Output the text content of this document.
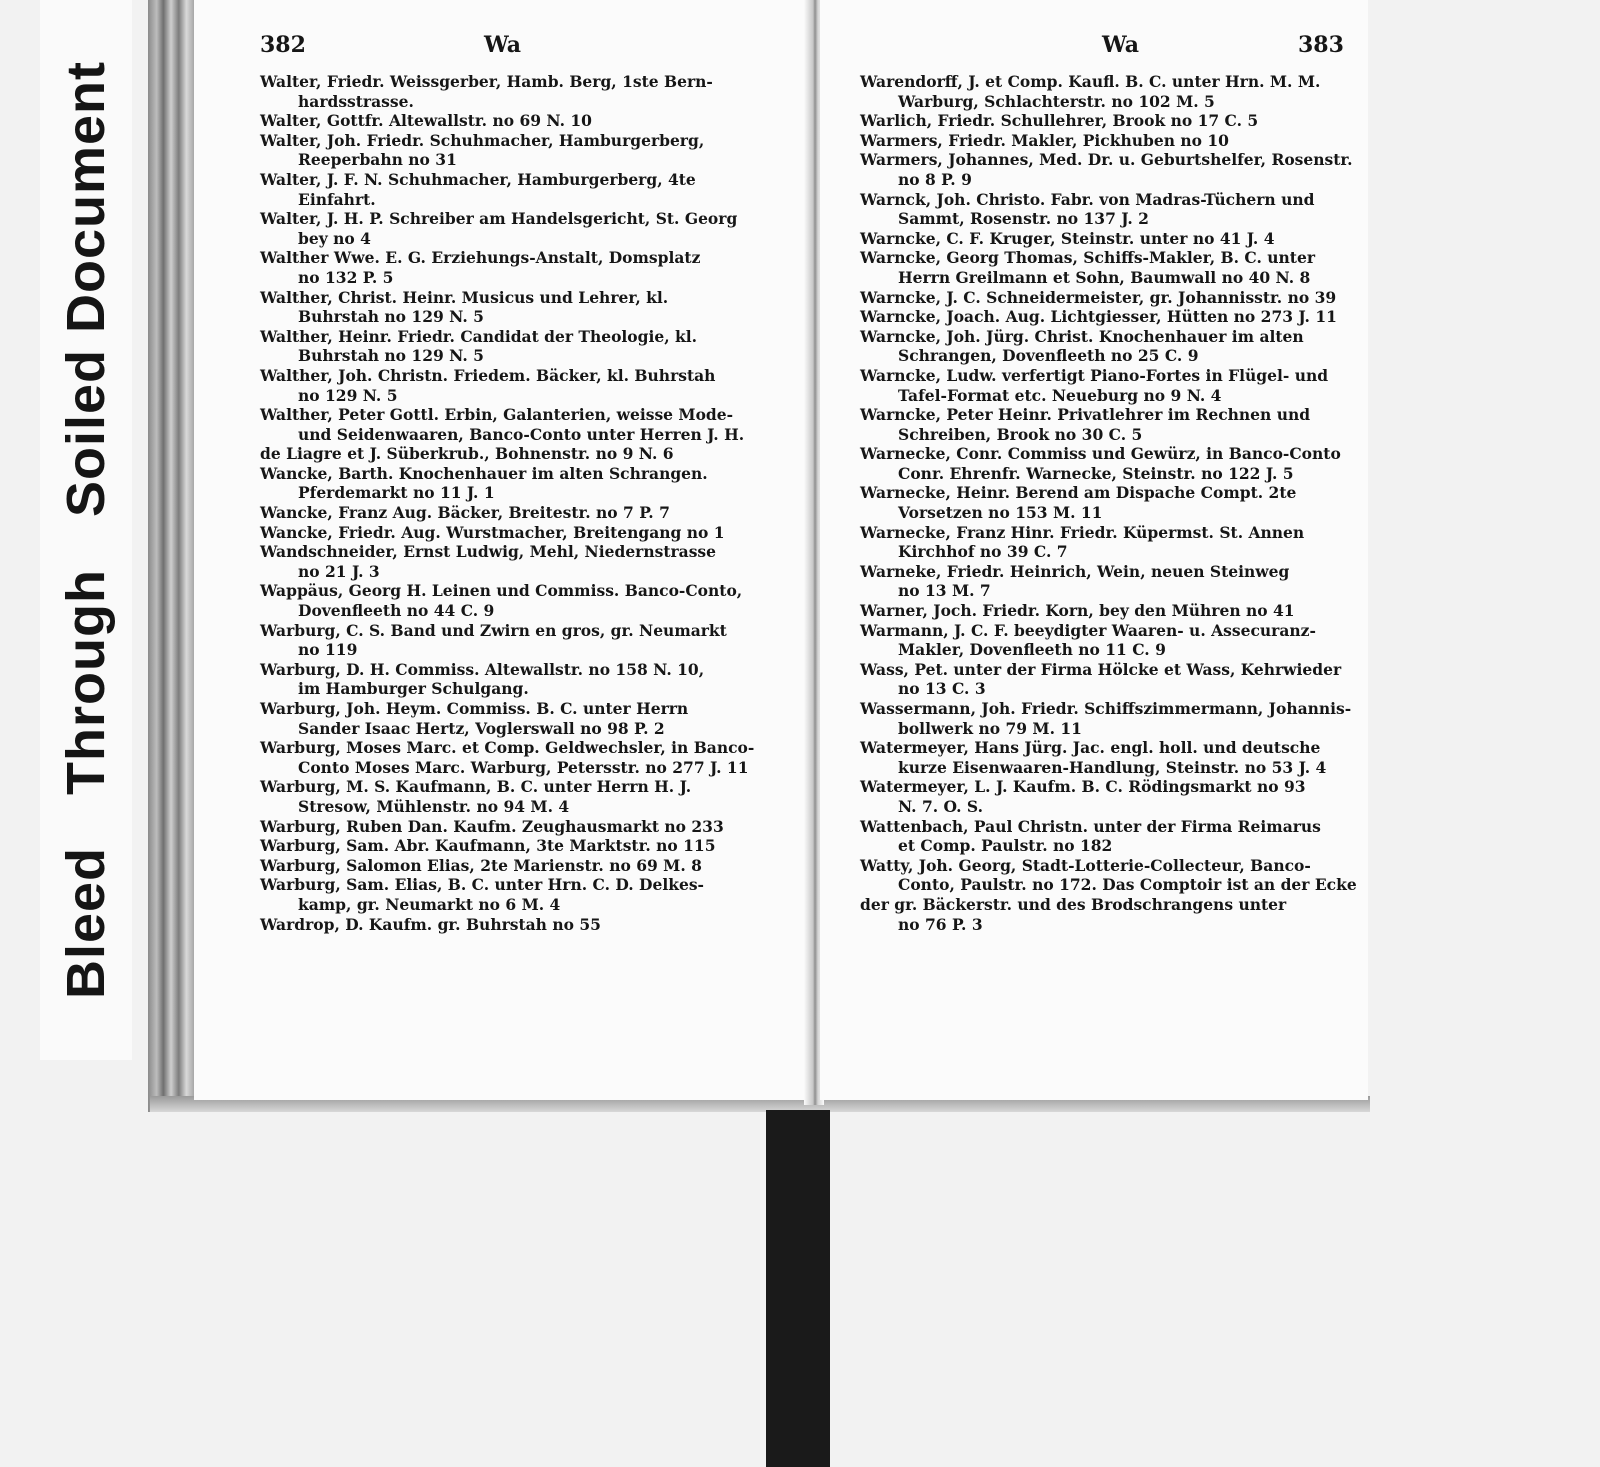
BleedThroughSoiled Document
382	Wa
Walter, Friedr. Weissgerber, Hamb. Berg, 1ste Bern-
hardsstrasse.
Walter, Gottfr. Altewallstr. no 69 N. 10
Walter, Joh. Friedr. Schuhmacher, Hamburgerberg,
Reeperbahn no 31
Walter, J. F. N. Schuhmacher, Hamburgerberg, 4te
Einfahrt.
Walter, J. H. P. Schreiber am Handelsgericht, St. Georg
bey no 4
Walther Wwe. E. G. Erziehungs-Anstalt, Domsplatz
no 132 P. 5
Walther, Christ. Heinr. Musicus und Lehrer, kl.
Buhrstah no 129 N. 5
Walther, Heinr. Friedr. Candidat der Theologie, kl.
Buhrstah no 129 N. 5
Walther, Joh. Christn. Friedem. Bäcker, kl. Buhrstah
no 129 N. 5
Walther, Peter Gottl. Erbin, Galanterien, weisse Mode-
und Seidenwaaren, Banco-Conto unter Herren J. H.
de Liagre et J. Süberkrub., Bohnenstr. no 9 N. 6
Wancke, Barth. Knochenhauer im alten Schrangen.
Pferdemarkt no 11 J. 1
Wancke, Franz Aug. Bäcker, Breitestr. no 7 P. 7
Wancke, Friedr. Aug. Wurstmacher, Breitengang no 1
Wandschneider, Ernst Ludwig, Mehl, Niedernstrasse
no 21 J. 3
Wappäus, Georg H. Leinen und Commiss. Banco-Conto,
Dovenfleeth no 44 C. 9
Warburg, C. S. Band und Zwirn en gros, gr. Neumarkt
no 119
Warburg, D. H. Commiss. Altewallstr. no 158 N. 10,
im Hamburger Schulgang.
Warburg, Joh. Heym. Commiss. B. C. unter Herrn
Sander Isaac Hertz, Voglerswall no 98 P. 2
Warburg, Moses Marc. et Comp. Geldwechsler, in Banco-
Conto Moses Marc. Warburg, Petersstr. no 277 J. 11
Warburg, M. S. Kaufmann, B. C. unter Herrn H. J.
Stresow, Mühlenstr. no 94 M. 4
Warburg, Ruben Dan. Kaufm. Zeughausmarkt no 233
Warburg, Sam. Abr. Kaufmann, 3te Marktstr. no 115
Warburg, Salomon Elias, 2te Marienstr. no 69 M. 8
Warburg, Sam. Elias, B. C. unter Hrn. C. D. Delkes-
kamp, gr. Neumarkt no 6 M. 4
Wardrop, D. Kaufm. gr. Buhrstah no 55
Wa	383
Warendorff, J. et Comp. Kaufl. B. C. unter Hrn. M. M.
Warburg, Schlachterstr. no 102 M. 5
Warlich, Friedr. Schullehrer, Brook no 17 C. 5
Warmers, Friedr. Makler, Pickhuben no 10
Warmers, Johannes, Med. Dr. u. Geburtshelfer, Rosenstr.
no 8 P. 9
Warnck, Joh. Christo. Fabr. von Madras-Tüchern und
Sammt, Rosenstr. no 137 J. 2
Warncke, C. F. Kruger, Steinstr. unter no 41 J. 4
Warncke, Georg Thomas, Schiffs-Makler, B. C. unter
Herrn Greilmann et Sohn, Baumwall no 40 N. 8
Warncke, J. C. Schneidermeister, gr. Johannisstr. no 39
Warncke, Joach. Aug. Lichtgiesser, Hütten no 273 J. 11
Warncke, Joh. Jürg. Christ. Knochenhauer im alten
Schrangen, Dovenfleeth no 25 C. 9
Warncke, Ludw. verfertigt Piano-Fortes in Flügel- und
Tafel-Format etc. Neueburg no 9 N. 4
Warncke, Peter Heinr. Privatlehrer im Rechnen und
Schreiben, Brook no 30 C. 5
Warnecke, Conr. Commiss und Gewürz, in Banco-Conto
Conr. Ehrenfr. Warnecke, Steinstr. no 122 J. 5
Warnecke, Heinr. Berend am Dispache Compt. 2te
Vorsetzen no 153 M. 11
Warnecke, Franz Hinr. Friedr. Küpermst. St. Annen
Kirchhof no 39 C. 7
Warneke, Friedr. Heinrich, Wein, neuen Steinweg
no 13 M. 7
Warner, Joch. Friedr. Korn, bey den Mühren no 41
Warmann, J. C. F. beeydigter Waaren- u. Assecuranz-
Makler, Dovenfleeth no 11 C. 9
Wass, Pet. unter der Firma Hölcke et Wass, Kehrwieder
no 13 C. 3
Wassermann, Joh. Friedr. Schiffszimmermann, Johannis-
bollwerk no 79 M. 11
Watermeyer, Hans Jürg. Jac. engl. holl. und deutsche
kurze Eisenwaaren-Handlung, Steinstr. no 53 J. 4
Watermeyer, L. J. Kaufm. B. C. Rödingsmarkt no 93
N. 7. O. S.
Wattenbach, Paul Christn. unter der Firma Reimarus
et Comp. Paulstr. no 182
Watty, Joh. Georg, Stadt-Lotterie-Collecteur, Banco-
Conto, Paulstr. no 172. Das Comptoir ist an der Ecke
der gr. Bäckerstr. und des Brodschrangens unter
no 76 P. 3
